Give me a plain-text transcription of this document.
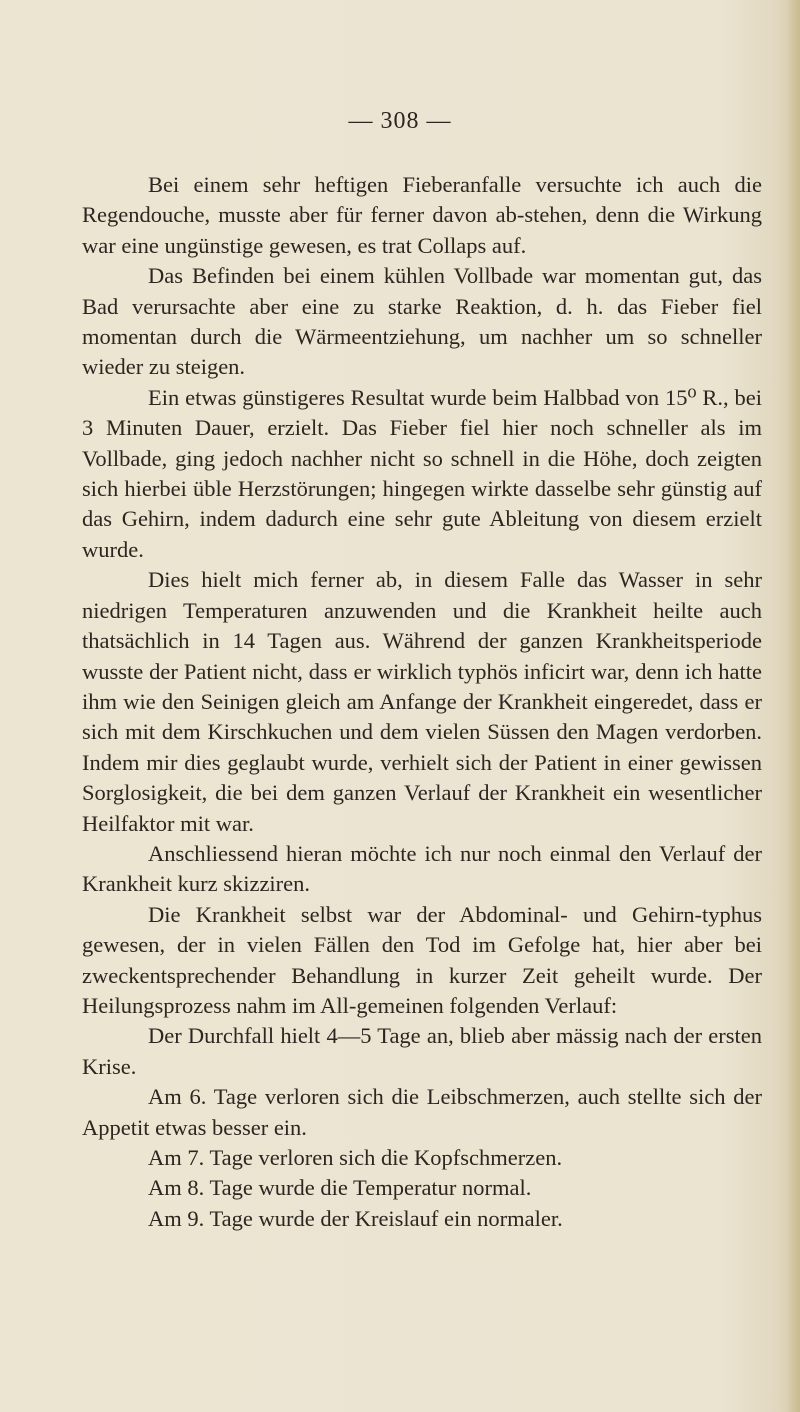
— 308 —

Bei einem sehr heftigen Fieberanfalle versuchte ich auch die Regendouche, musste aber für ferner davon ab-stehen, denn die Wirkung war eine ungünstige gewesen, es trat Collaps auf.

Das Befinden bei einem kühlen Vollbade war momentan gut, das Bad verursachte aber eine zu starke Reaktion, d. h. das Fieber fiel momentan durch die Wärmeentziehung, um nachher um so schneller wieder zu steigen.

Ein etwas günstigeres Resultat wurde beim Halbbad von 15⁰ R., bei 3 Minuten Dauer, erzielt. Das Fieber fiel hier noch schneller als im Vollbade, ging jedoch nachher nicht so schnell in die Höhe, doch zeigten sich hierbei üble Herzstörungen; hingegen wirkte dasselbe sehr günstig auf das Gehirn, indem dadurch eine sehr gute Ableitung von diesem erzielt wurde.

Dies hielt mich ferner ab, in diesem Falle das Wasser in sehr niedrigen Temperaturen anzuwenden und die Krankheit heilte auch thatsächlich in 14 Tagen aus. Während der ganzen Krankheitsperiode wusste der Patient nicht, dass er wirklich typhös inficirt war, denn ich hatte ihm wie den Seinigen gleich am Anfange der Krankheit eingeredet, dass er sich mit dem Kirschkuchen und dem vielen Süssen den Magen verdorben. Indem mir dies geglaubt wurde, verhielt sich der Patient in einer gewissen Sorglosigkeit, die bei dem ganzen Verlauf der Krankheit ein wesentlicher Heilfaktor mit war.

Anschliessend hieran möchte ich nur noch einmal den Verlauf der Krankheit kurz skizziren.

Die Krankheit selbst war der Abdominal- und Gehirn-typhus gewesen, der in vielen Fällen den Tod im Gefolge hat, hier aber bei zweckentsprechender Behandlung in kurzer Zeit geheilt wurde. Der Heilungsprozess nahm im All-gemeinen folgenden Verlauf:

Der Durchfall hielt 4—5 Tage an, blieb aber mässig nach der ersten Krise.

Am 6. Tage verloren sich die Leibschmerzen, auch stellte sich der Appetit etwas besser ein.

Am 7. Tage verloren sich die Kopfschmerzen.

Am 8. Tage wurde die Temperatur normal.

Am 9. Tage wurde der Kreislauf ein normaler.
